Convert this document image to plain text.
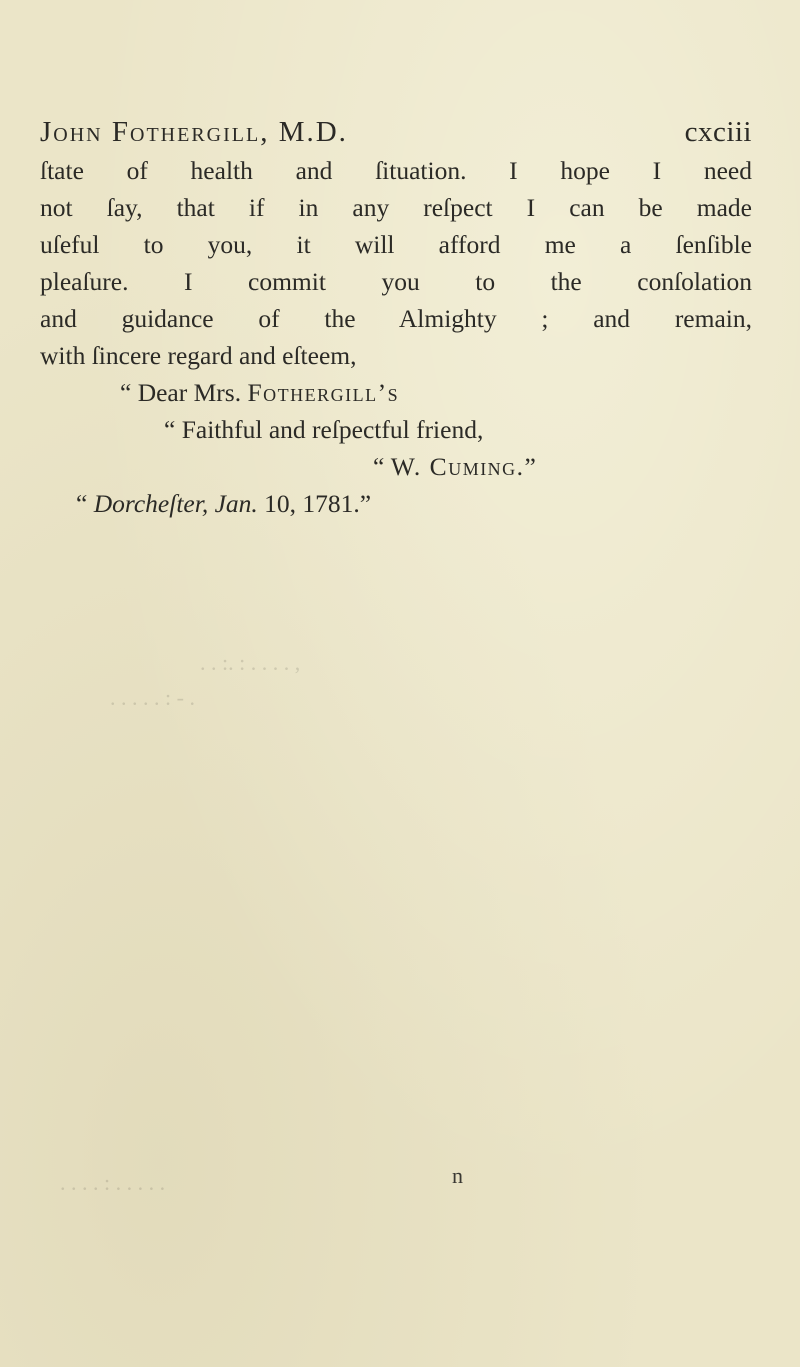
John Fothergill, M.D.	cxciii
ſtate of health and ſituation. I hope I need
not ſay, that if in any reſpect I can be made
uſeful to you, it will afford me a ſenſible
pleaſure. I commit you to the conſolation
and guidance of the Almighty ; and remain,
with ſincere regard and eſteem,
“ Dear Mrs. Fothergill’s
“ Faithful and reſpectful friend,
“ W. Cuming.”
“ Dorcheſter, Jan. 10, 1781.”
. . :. : . . . . ,
. . . . . : - .
. . . . : . . . . .	n
